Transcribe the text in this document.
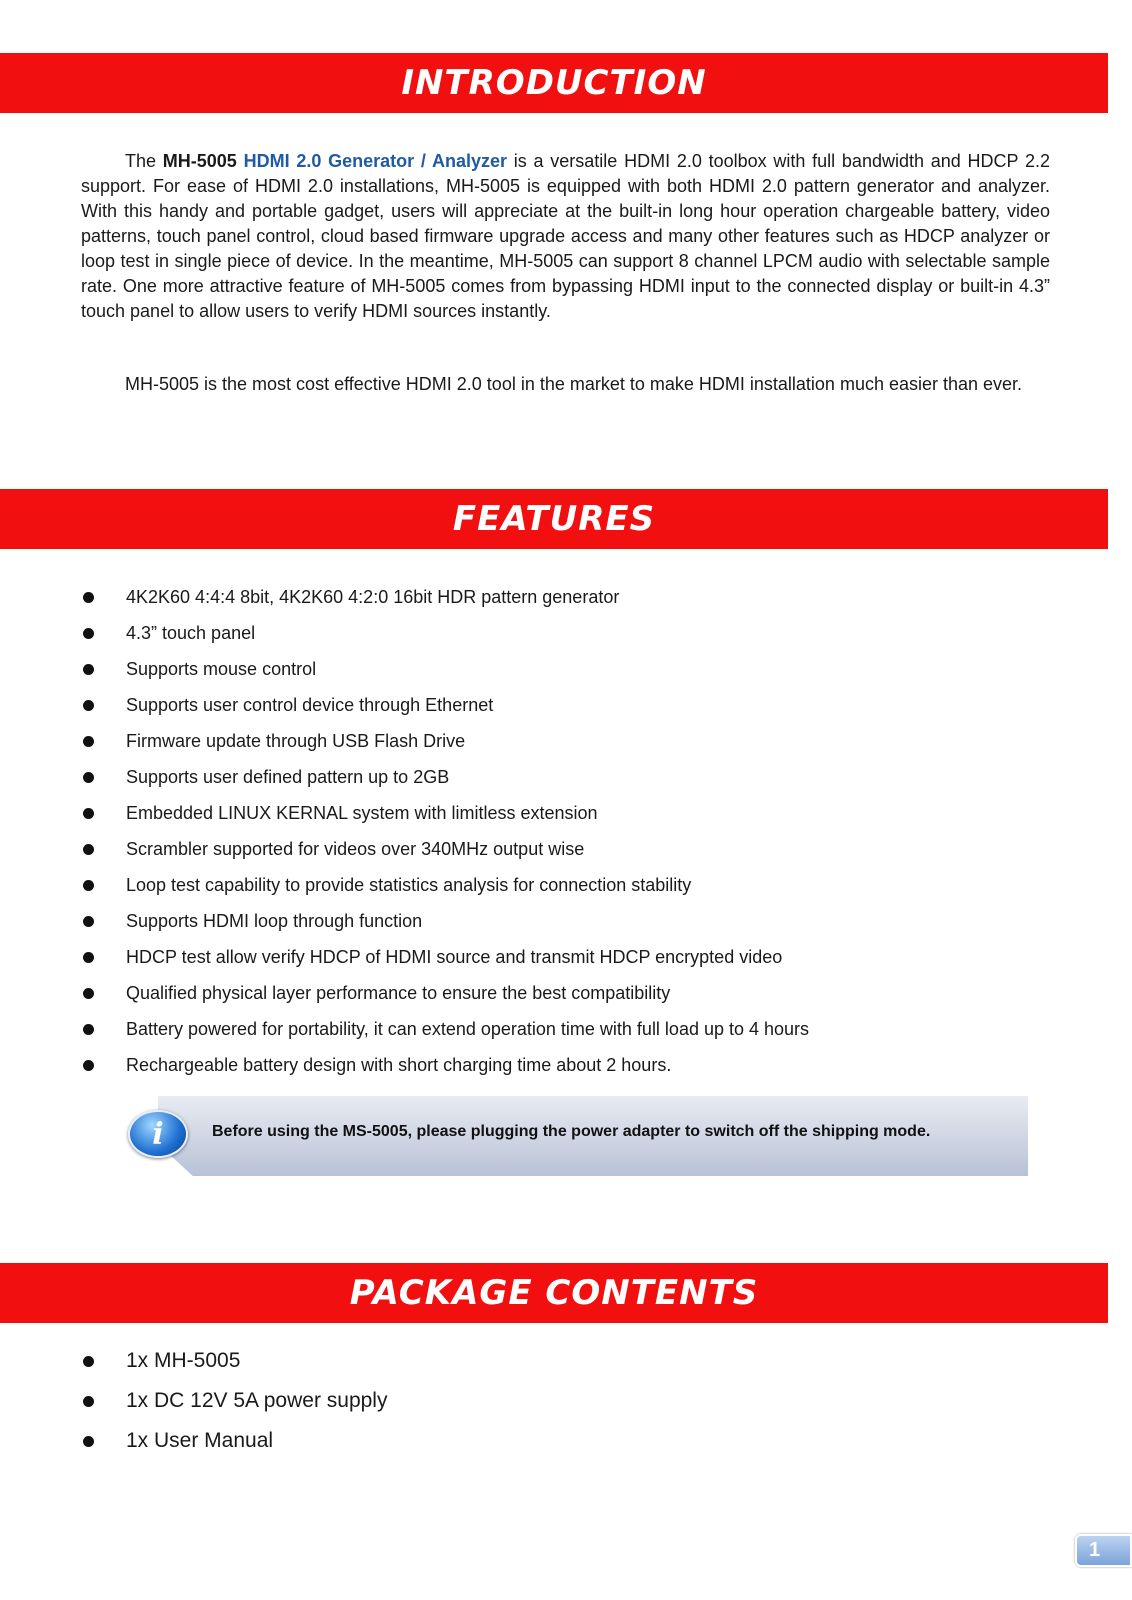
INTRODUCTION

The MH-5005 HDMI 2.0 Generator / Analyzer is a versatile HDMI 2.0 toolbox with full bandwidth and HDCP 2.2 support. For ease of HDMI 2.0 installations, MH-5005 is equipped with both HDMI 2.0 pattern generator and analyzer. With this handy and portable gadget, users will appreciate at the built-in long hour operation chargeable battery, video patterns, touch panel control, cloud based firmware upgrade access and many other features such as HDCP analyzer or loop test in single piece of device. In the meantime, MH-5005 can support 8 channel LPCM audio with selectable sample rate. One more attractive feature of MH-5005 comes from bypassing HDMI input to the connected display or built-in 4.3” touch panel to allow users to verify HDMI sources instantly.

MH-5005 is the most cost effective HDMI 2.0 tool in the market to make HDMI installation much easier than ever.

FEATURES
4K2K60 4:4:4 8bit, 4K2K60 4:2:0 16bit HDR pattern generator
4.3” touch panel
Supports mouse control
Supports user control device through Ethernet
Firmware update through USB Flash Drive
Supports user defined pattern up to 2GB
Embedded LINUX KERNAL system with limitless extension
Scrambler supported for videos over 340MHz output wise
Loop test capability to provide statistics analysis for connection stability
Supports HDMI loop through function
HDCP test allow verify HDCP of HDMI source and transmit HDCP encrypted video
Qualified physical layer performance to ensure the best compatibility
Battery powered for portability, it can extend operation time with full load up to 4 hours
Rechargeable battery design with short charging time about 2 hours.
i	Before using the MS-5005, please plugging the power adapter to switch off the shipping mode.
PACKAGE CONTENTS
1x MH-5005
1x DC 12V 5A power supply
1x User Manual
1
